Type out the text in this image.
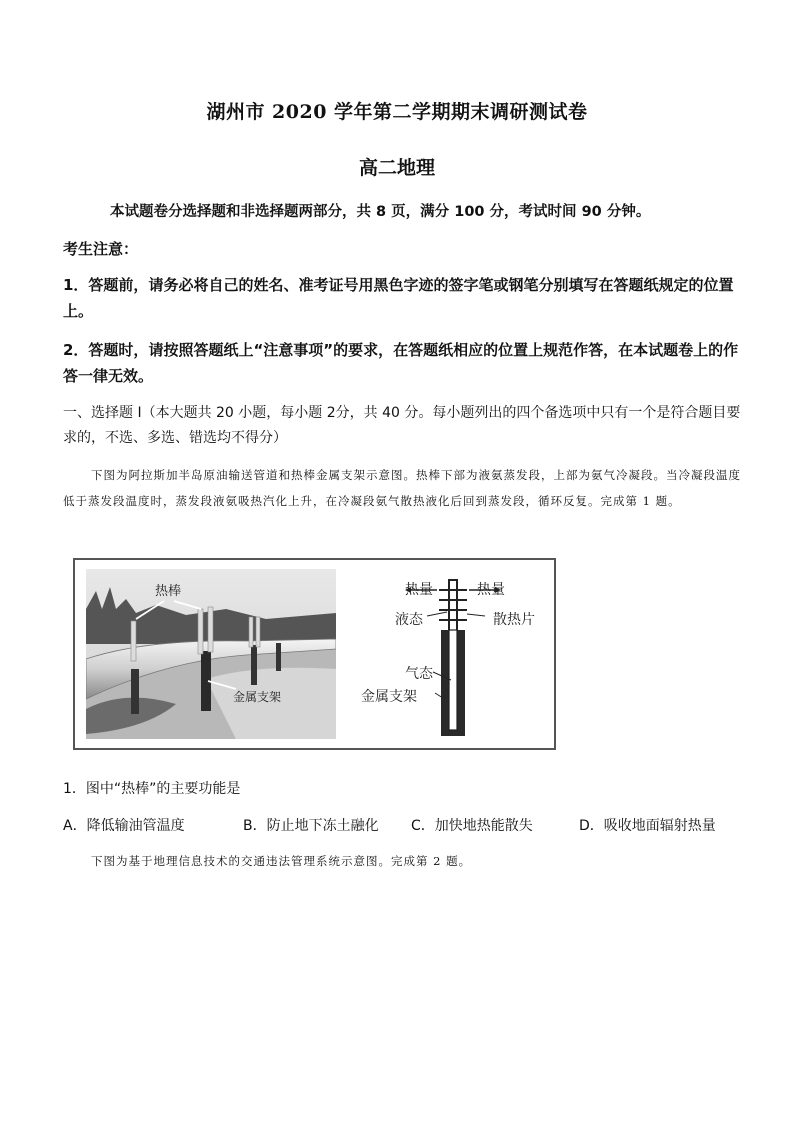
湖州市 2020 学年第二学期期末调研测试卷
高二地理
本试题卷分选择题和非选择题两部分，共 8 页，满分 100 分，考试时间 90 分钟。
考生注意：
1．答题前，请务必将自己的姓名、准考证号用黑色字迹的签字笔或钢笔分别填写在答题纸规定的位置上。
2．答题时，请按照答题纸上“注意事项”的要求，在答题纸相应的位置上规范作答，在本试题卷上的作答一律无效。
一、选择题 I（本大题共 20 小题，每小题 2分，共 40 分。每小题列出的四个备选项中只有一个是符合题目要求的，不选、多选、错选均不得分）
下图为阿拉斯加半岛原油输送管道和热棒金属支架示意图。热棒下部为液氨蒸发段，上部为氨气冷凝段。当冷凝段温度低于蒸发段温度时，蒸发段液氨吸热汽化上升，在冷凝段氨气散热液化后回到蒸发段，循环反复。完成第 1 题。
热棒
金属支架
热量	热量
液态	散热片
气态
金属支架
1．图中“热棒”的主要功能是
A．降低输油管温度	B．防止地下冻土融化 C．加快地热能散失	D．吸收地面辐射热量
下图为基于地理信息技术的交通违法管理系统示意图。完成第 2 题。
